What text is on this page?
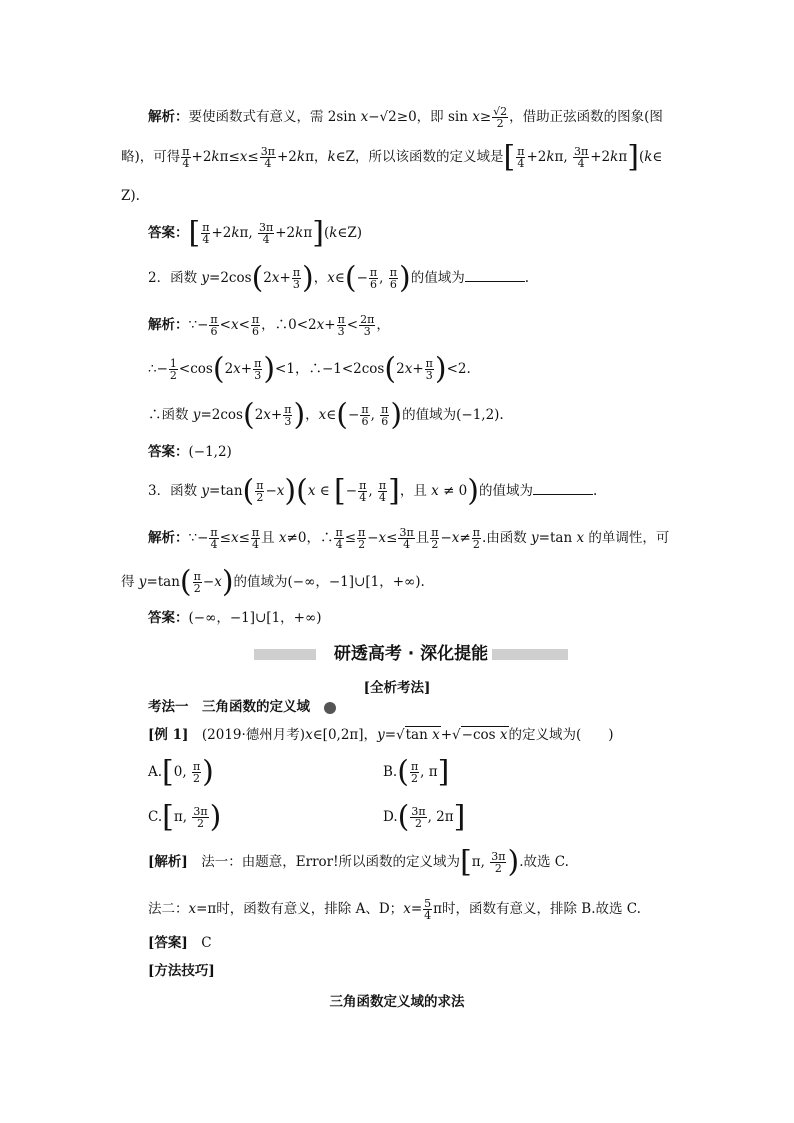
解析：要使函数式有意义，需 2sin x−√2≥0，即 $\sin x\ge \frac{√2}{2}$ ，借助正弦函数的图象(图
略)，可得 $\frac{\pi}{4} +2k\pi\le x\le \frac{3\pi}{4} +2k\pi$，k∈Z，所以该函数的定义域是[ $\frac{\pi}{4} +2k\pi$, $\frac{3\pi}{4}$ +2kπ](k∈
Z).
答案：[ $\frac{\pi}{4} +2k\pi$, $\frac{3\pi}{4}$ +2kπ](k∈Z)
2．函数 $y=2\cos(2x+ \frac{\pi}{3}$ )，x∈(− $\frac{\pi}{6}$ , $\frac{\pi}{6}$ )的值域为	.
解析：∵− $\frac{\pi}{6} <x< \frac{\pi}{6}$ ，∴0<2x+ $\frac{\pi}{3} < \frac{2\pi}{3}$ ，
∴− $\frac{1}{2} <\cos(2x+ \frac{\pi}{3} )<1$，∴−1<2cos(2x+ $\frac{\pi}{3} )<2$.
∴函数 $y=2\cos(2x+ \frac{\pi}{3}$ )，x∈(− $\frac{\pi}{6}$ , $\frac{\pi}{6}$ )的值域为(−1,2).
答案：(−1,2)
3．函数 $y=\tan( \frac{\pi}{2} -x)(x$ ∈ [− $\frac{\pi}{4}$ , $\frac{\pi}{4}$ ]，且 x ≠ 0)的值域为	.
解析：∵− $\frac{\pi}{4} \le x\le \frac{\pi}{4}$ 且 x≠0，∴ $\frac{\pi}{4} \le \frac{\pi}{2} -x\le \frac{3\pi}{4}$ 且 $\frac{\pi}{2} -x\ne \frac{\pi}{2}$ .由函数 y=tan x 的单调性，可
得 $y=\tan( \frac{\pi}{2} -x)$的值域为(−∞，−1]∪[1，+∞).
答案：(−∞，−1]∪[1，+∞)
研透高考 · 深化提能
[全析考法]
考法一　三角函数的定义域
[例 1]　(2019·德州月考)x∈[0,2π]，y=√tan x+√−cos x的定义域为(　　)
A.[0, $\frac{\pi}{2}$ )	$B.( \frac{\pi}{2}$ , π]
C.[π, $\frac{3\pi}{2}$ )	$D.( \frac{3\pi}{2}$ , 2π]
[解析]　法一：由题意，Error!所以函数的定义域为[π, $\frac{3\pi}{2}$ ).故选 C.
法二：x=π时，函数有意义，排除 A、D；$x= \frac{5}{4}$ π时，函数有意义，排除 B.故选 C.
[答案]　 C
[方法技巧]
三角函数定义域的求法
